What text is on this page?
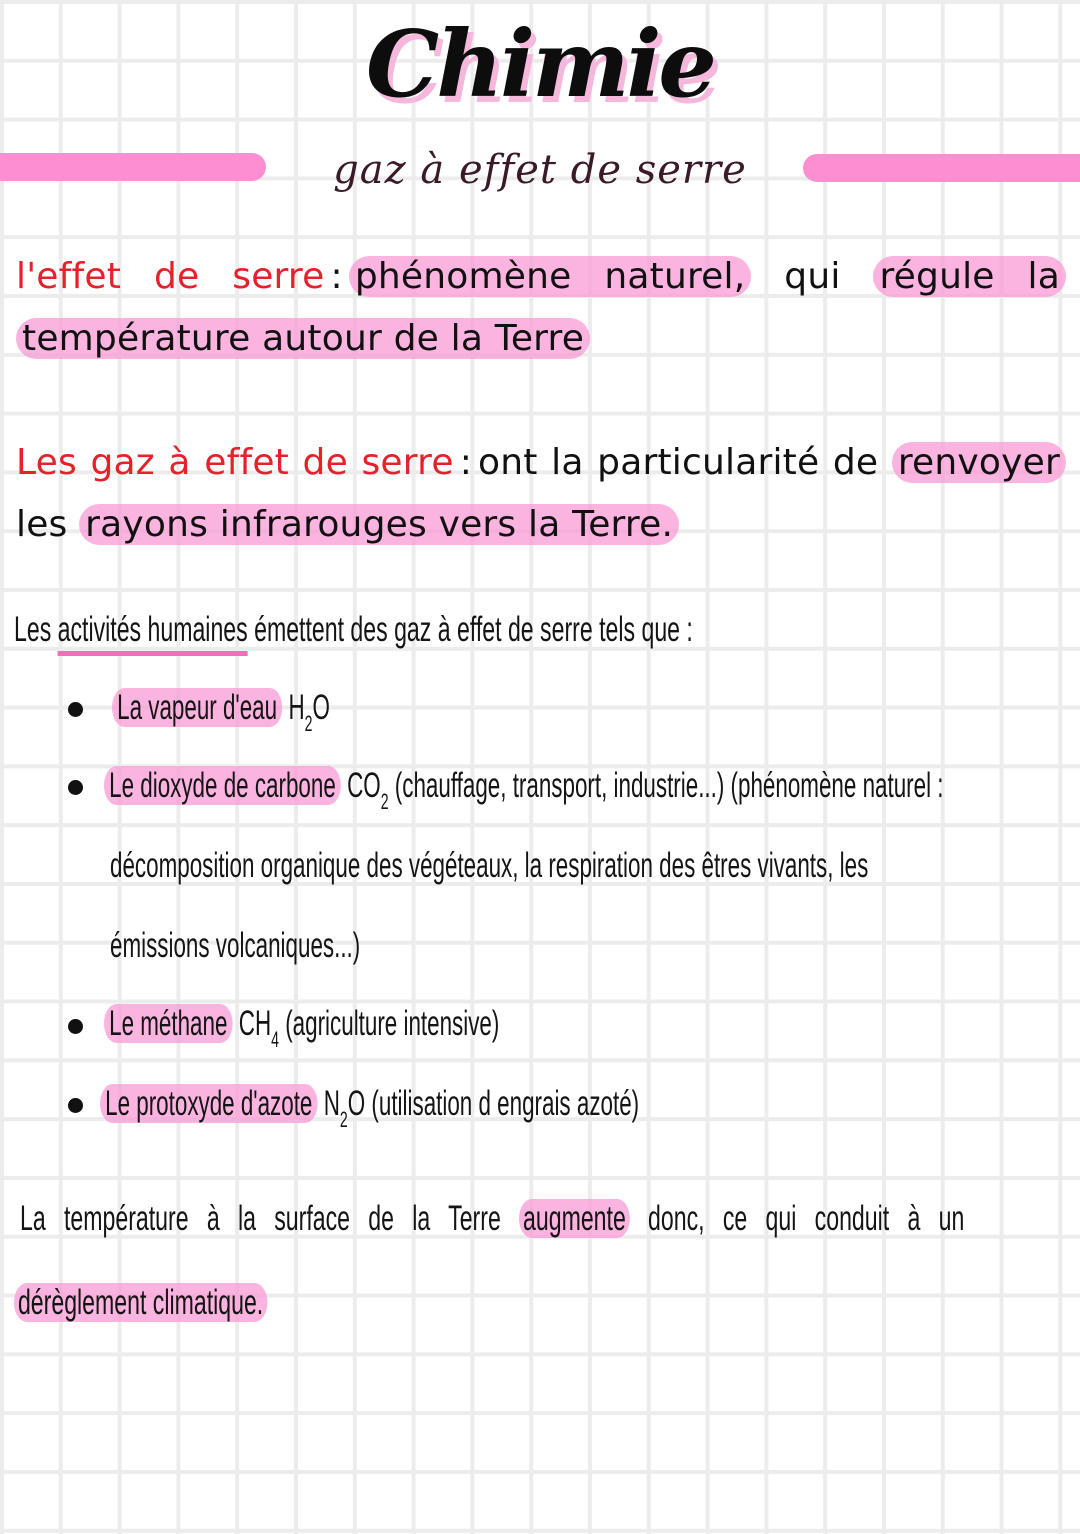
Chimie
gaz à effet de serre
l'effet de serre : phénomène naturel, qui régule la température autour de la Terre
Les gaz à effet de serre : ont la particularité de renvoyer les rayons infrarouges vers la Terre.
Les activités humaines émettent des gaz à effet de serre tels que :
La vapeur d'eau $H_2O$
Le dioxyde de carbone $CO_2$ (chauffage, transport, industrie...) (phénomène naturel :
décomposition organique des végéteaux, la respiration des êtres vivants, les
émissions volcaniques...)
Le méthane $CH_4$ (agriculture intensive)
Le protoxyde d'azote $N_2O$ (utilisation d engrais azoté)
La température à la surface de la Terre augmente donc, ce qui conduit à un
dérèglement climatique.
